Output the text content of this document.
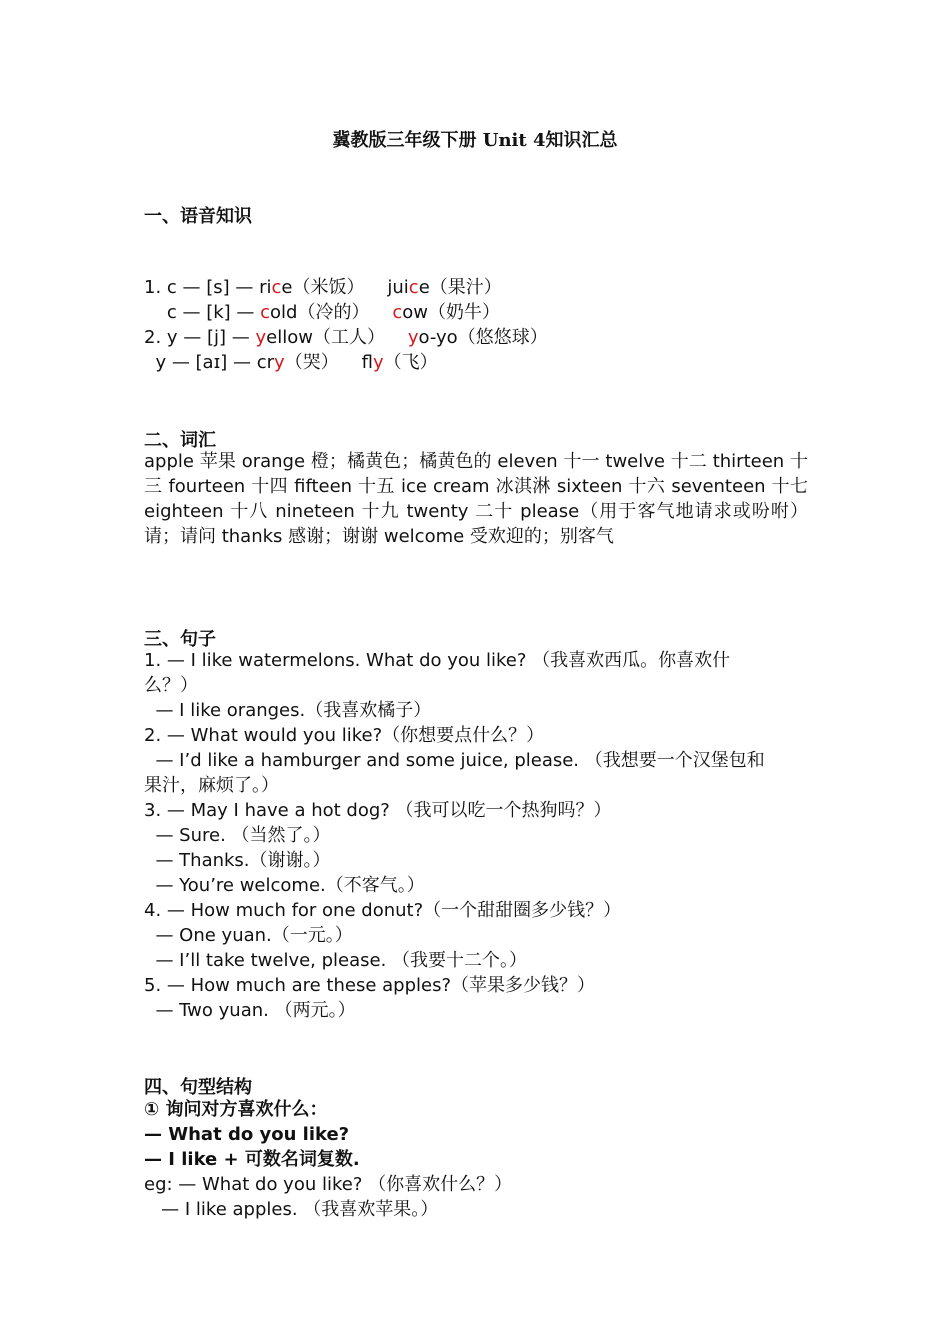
冀教版三年级下册 Unit 4知识汇总
一、语音知识
1. c — [s] — rice（米饭）    juice（果汁）
c — [k] — cold（冷的）    cow（奶牛）
2. y — [j] — yellow（工人）    yo-yo（悠悠球）
y — [aɪ] — cry（哭）    fly（飞）
二、词汇
apple 苹果 orange 橙；橘黄色；橘黄色的 eleven 十一 twelve 十二 thirteen 十三 fourteen 十四 fifteen 十五 ice cream 冰淇淋 sixteen 十六 seventeen 十七 eighteen 十八 nineteen 十九 twenty 二十 please（用于客气地请求或吩咐）请；请问 thanks 感谢；谢谢 welcome 受欢迎的；别客气
三、句子
1. — I like watermelons. What do you like? （我喜欢西瓜。你喜欢什
么？）
— I like oranges.（我喜欢橘子）
2. — What would you like?（你想要点什么？）
— I’d like a hamburger and some juice, please. （我想要一个汉堡包和
果汁，麻烦了。）
3. — May I have a hot dog? （我可以吃一个热狗吗？）
— Sure. （当然了。）
— Thanks.（谢谢。）
— You’re welcome.（不客气。）
4. — How much for one donut?（一个甜甜圈多少钱？）
— One yuan.（一元。）
— I’ll take twelve, please. （我要十二个。）
5. — How much are these apples?（苹果多少钱？）
— Two yuan. （两元。）
四、句型结构
① 询问对方喜欢什么：
— What do you like?
— I like + 可数名词复数.
eg: — What do you like? （你喜欢什么？）
— I like apples. （我喜欢苹果。）
